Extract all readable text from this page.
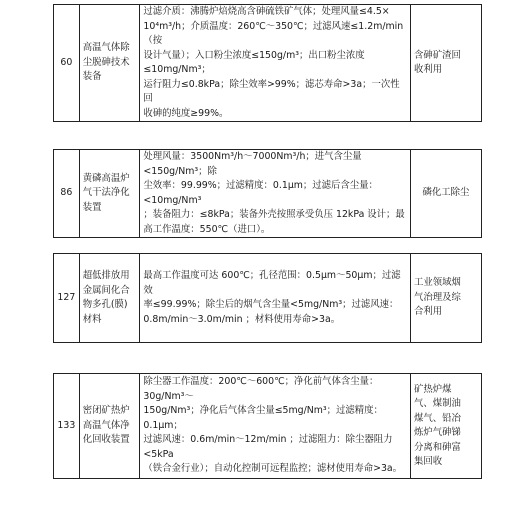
60	高温气体除
尘脱砷技术
装备	过滤介质：沸腾炉焙烧高含砷硫铁矿气体；处理风量≤4.5×
10⁴m³/h；介质温度：260℃～350℃；过滤风速≤1.2m/min（按
设计气量）；入口粉尘浓度≤150g/m³；出口粉尘浓度≤10mg/Nm³；
运行阻力≤0.8kPa；除尘效率>99%；滤芯寿命>3a；一次性回
收砷的纯度≥99%。	含砷矿渣回
收利用
86	黄磷高温炉
气干法净化
装置	处理风量：3500Nm³/h～7000Nm³/h；进气含尘量<150g/Nm³；除
尘效率：99.99%；过滤精度：0.1μm；过滤后含尘量：<10mg/Nm³
；装备阻力：≤8kPa；装备外壳按照承受负压 12kPa 设计；最
高工作温度：550℃（进口）。	磷化工除尘
127	超低排放用
金属间化合
物多孔(膜)
材料	最高工作温度可达 600℃；孔径范围：0.5μm～50μm；过滤效
率≤99.99%；除尘后的烟气含尘量<5mg/Nm³；过滤风速：
0.8m/min～3.0m/min ；材料使用寿命>3a。	工业领域烟
气治理及综
合利用
133	密闭矿热炉
高温气体净
化回收装置	除尘器工作温度：200℃～600℃；净化前气体含尘量：30g/Nm³～
150g/Nm³；净化后气体含尘量≤5mg/Nm³；过滤精度：0.1μm；
过滤风速：0.6m/min～12m/min ；过滤阻力：除尘器阻力<5kPa
（铁合金行业）；自动化控制可远程监控；滤材使用寿命>3a。	矿热炉煤
气、煤制油
煤气、铅冶
炼炉气砷锑
分离和砷富
集回收
